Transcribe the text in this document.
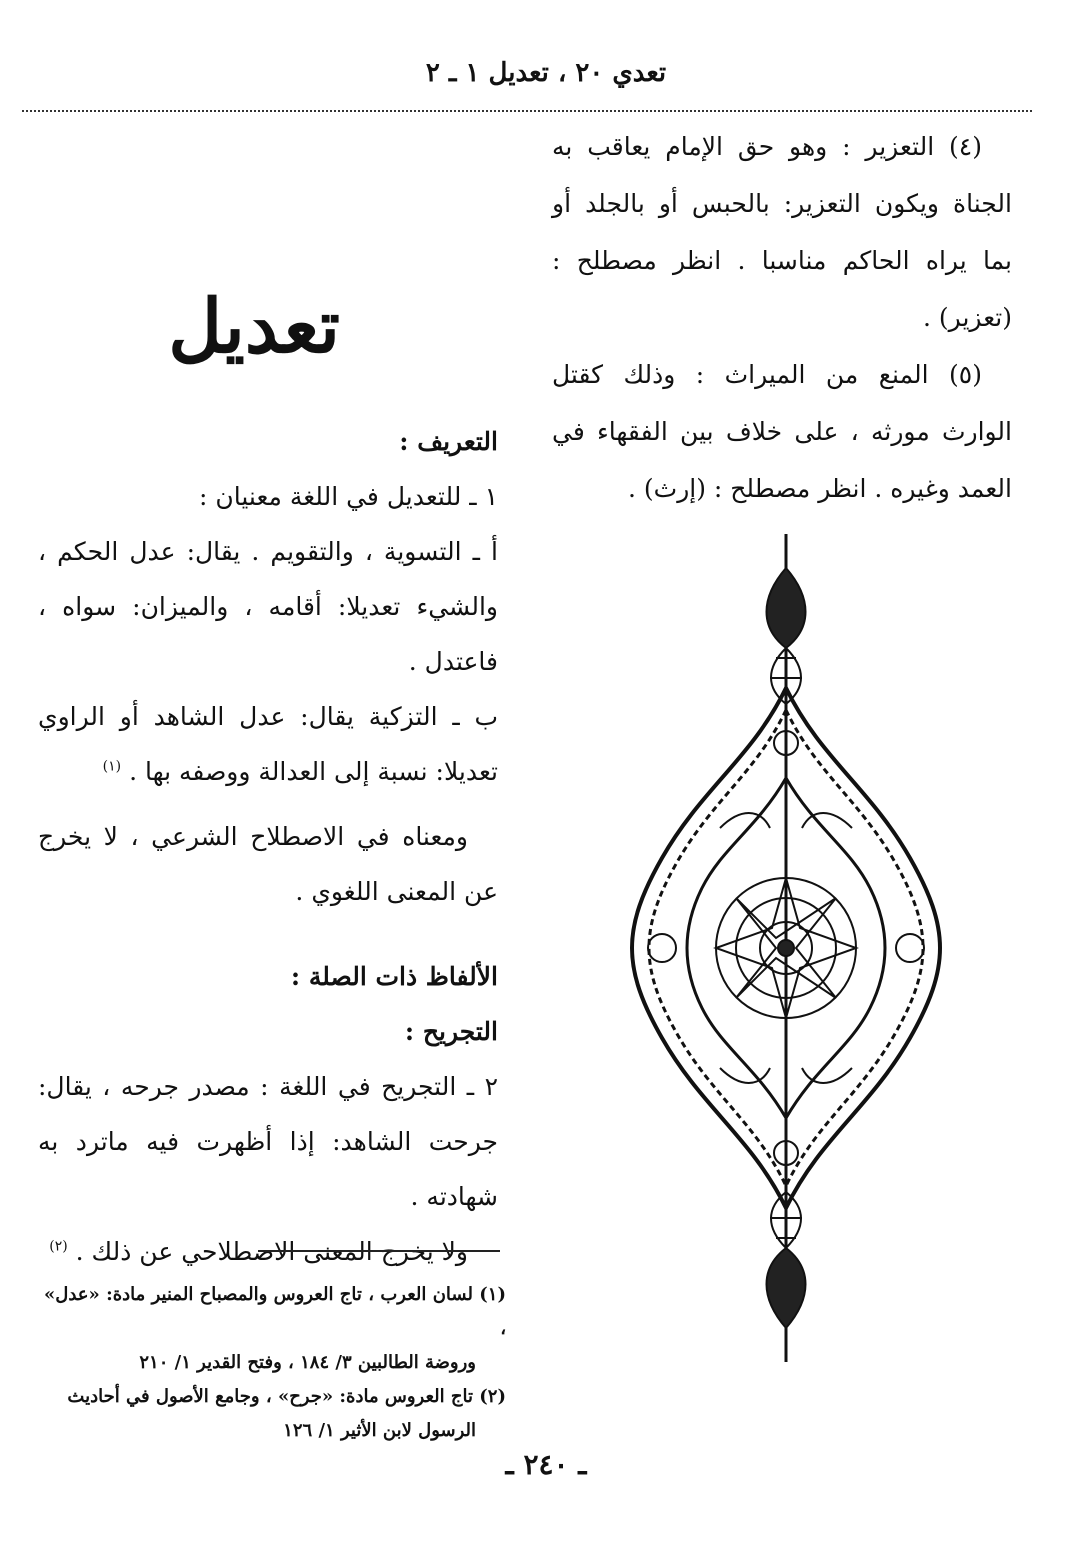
تعدي ٢٠ ، تعديل ١ ـ ٢

(٤) التعزير : وهو حق الإمام يعاقب به الجناة ويكون التعزير: بالحبس أو بالجلد أو بما يراه الحاكم مناسبا . انظر مصطلح : (تعزير) .

(٥) المنع من الميراث : وذلك كقتل الوارث مورثه ، على خلاف بين الفقهاء في العمد وغيره . انظر مصطلح : (إرث) .

تعديل

التعريف :

١ ـ للتعديل في اللغة معنيان :

أ ـ التسوية ، والتقويم . يقال: عدل الحكم ، والشيء تعديلا: أقامه ، والميزان: سواه ، فاعتدل .

ب ـ التزكية يقال: عدل الشاهد أو الراوي تعديلا: نسبة إلى العدالة ووصفه بها . $^{(١)}$

ومعناه في الاصطلاح الشرعي ، لا يخرج عن المعنى اللغوي .

الألفاظ ذات الصلة :

التجريح :

٢ ـ التجريح في اللغة : مصدر جرحه ، يقال: جرحت الشاهد: إذا أظهرت فيه ماترد به شهادته .

ولا يخرج المعنى الاصطلاحي عن ذلك . $^{(٢)}$

(١) لسان العرب ، تاج العروس والمصباح المنير مادة: «عدل» ،

وروضة الطالبين ٣/ ١٨٤ ، وفتح القدير ١/ ٢١٠

(٢) تاج العروس مادة: «جرح» ، وجامع الأصول في أحاديث

الرسول لابن الأثير ١/ ١٢٦

ـ ٢٤٠ ـ
